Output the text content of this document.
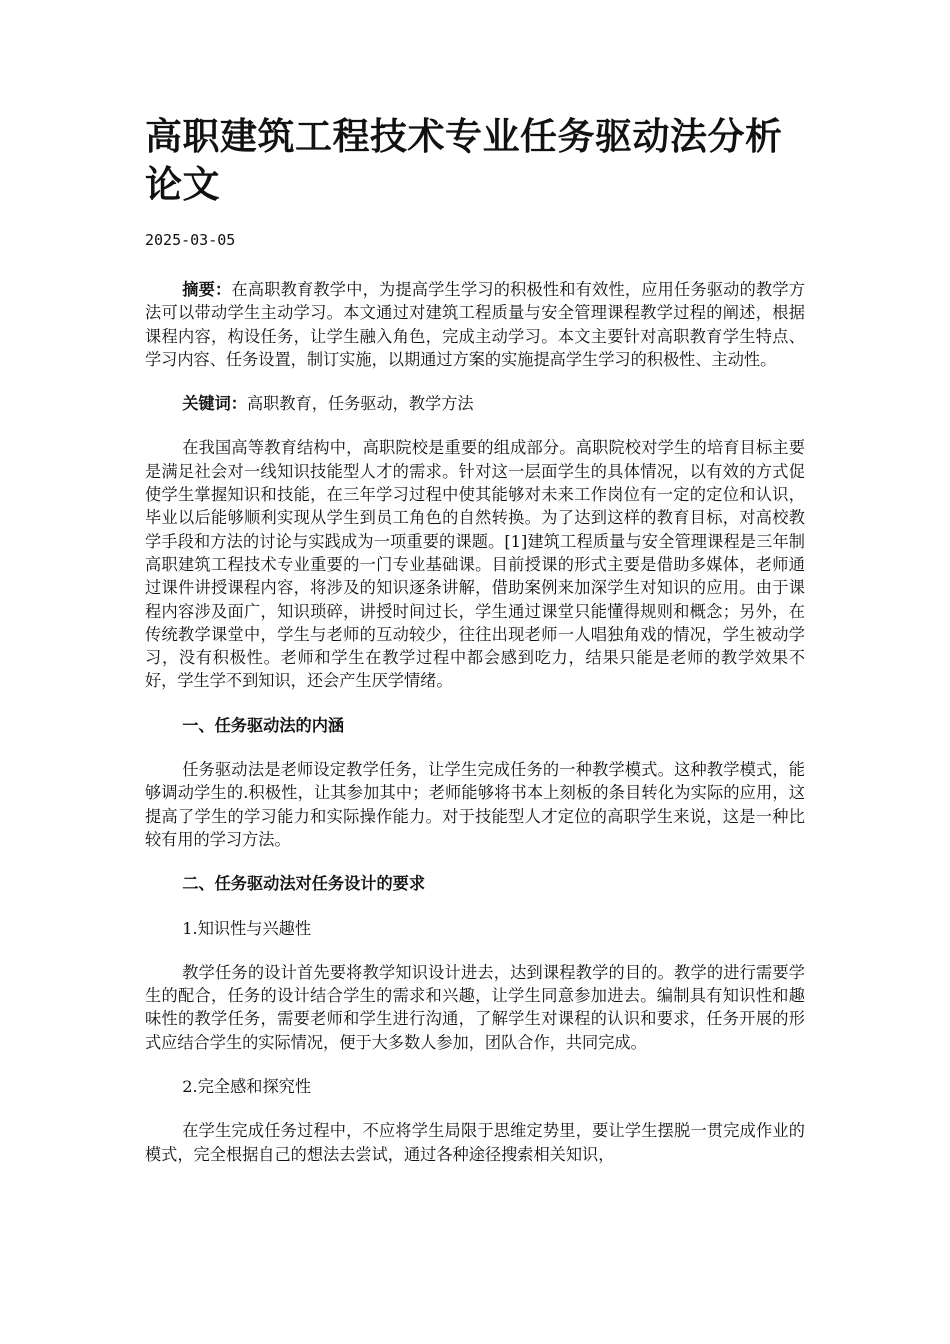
高职建筑工程技术专业任务驱动法分析论文
2025-03-05

摘要：在高职教育教学中，为提高学生学习的积极性和有效性，应用任务驱动的教学方法可以带动学生主动学习。本文通过对建筑工程质量与安全管理课程教学过程的阐述，根据课程内容，构设任务，让学生融入角色，完成主动学习。本文主要针对高职教育学生特点、学习内容、任务设置，制订实施，以期通过方案的实施提高学生学习的积极性、主动性。

关键词：高职教育，任务驱动，教学方法

在我国高等教育结构中，高职院校是重要的组成部分。高职院校对学生的培育目标主要是满足社会对一线知识技能型人才的需求。针对这一层面学生的具体情况，以有效的方式促使学生掌握知识和技能，在三年学习过程中使其能够对未来工作岗位有一定的定位和认识，毕业以后能够顺利实现从学生到员工角色的自然转换。为了达到这样的教育目标，对高校教学手段和方法的讨论与实践成为一项重要的课题。[1]建筑工程质量与安全管理课程是三年制高职建筑工程技术专业重要的一门专业基础课。目前授课的形式主要是借助多媒体，老师通过课件讲授课程内容，将涉及的知识逐条讲解，借助案例来加深学生对知识的应用。由于课程内容涉及面广，知识琐碎，讲授时间过长，学生通过课堂只能懂得规则和概念；另外，在传统教学课堂中，学生与老师的互动较少，往往出现老师一人唱独角戏的情况，学生被动学习，没有积极性。老师和学生在教学过程中都会感到吃力，结果只能是老师的教学效果不好，学生学不到知识，还会产生厌学情绪。

一、任务驱动法的内涵

任务驱动法是老师设定教学任务，让学生完成任务的一种教学模式。这种教学模式，能够调动学生的.积极性，让其参加其中；老师能够将书本上刻板的条目转化为实际的应用，这提高了学生的学习能力和实际操作能力。对于技能型人才定位的高职学生来说，这是一种比较有用的学习方法。

二、任务驱动法对任务设计的要求

1.知识性与兴趣性

教学任务的设计首先要将教学知识设计进去，达到课程教学的目的。教学的进行需要学生的配合，任务的设计结合学生的需求和兴趣，让学生同意参加进去。编制具有知识性和趣味性的教学任务，需要老师和学生进行沟通，了解学生对课程的认识和要求，任务开展的形式应结合学生的实际情况，便于大多数人参加，团队合作，共同完成。

2.完全感和探究性

在学生完成任务过程中，不应将学生局限于思维定势里，要让学生摆脱一贯完成作业的模式，完全根据自己的想法去尝试，通过各种途径搜索相关知识，
